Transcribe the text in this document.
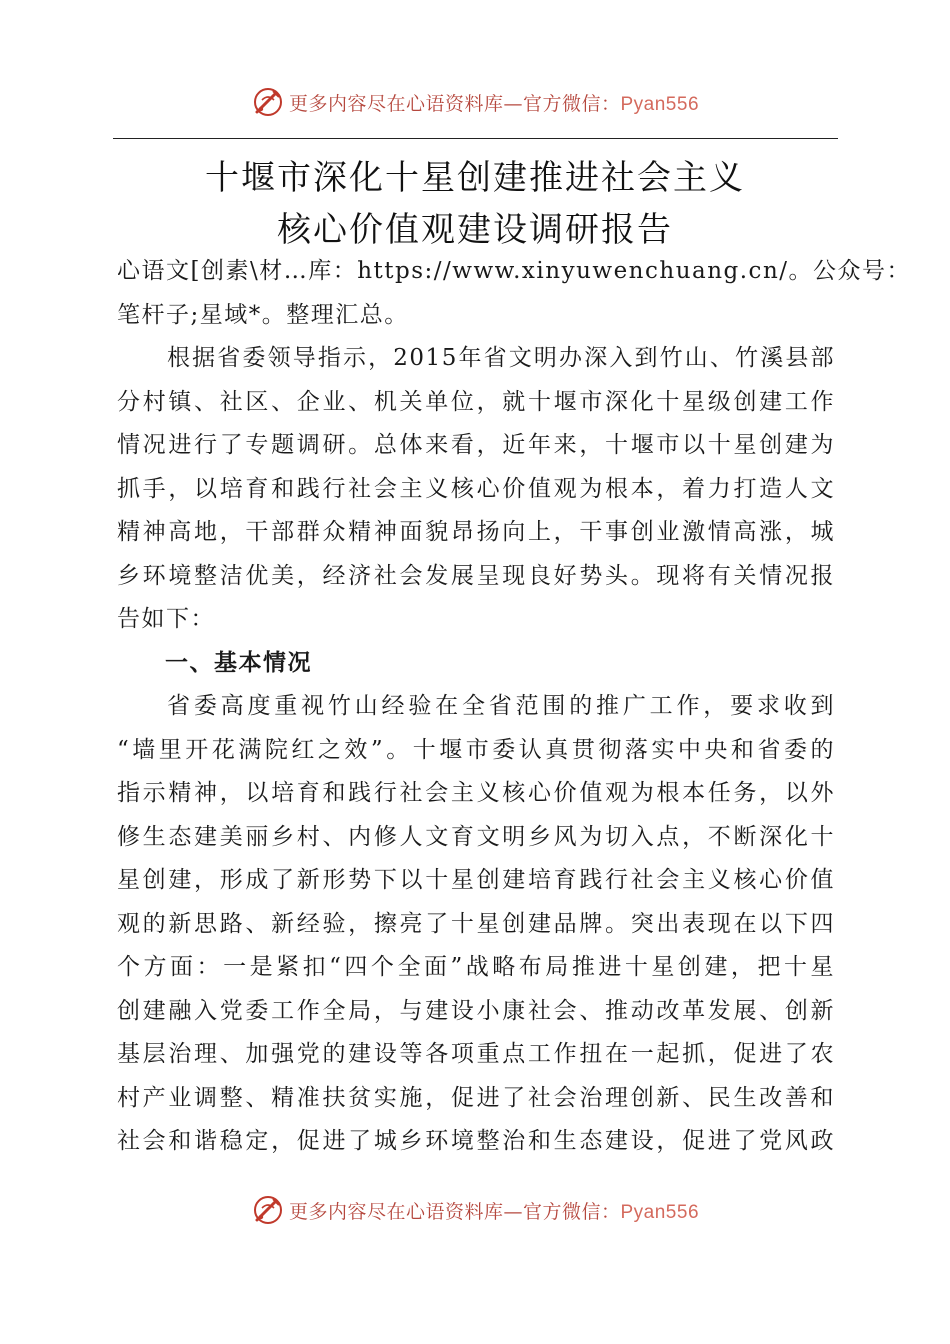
更多内容尽在心语资料库—官方微信：Pyan556
十堰市深化十星创建推进社会主义
核心价值观建设调研报告
心语文[创素\材…库：https://www.xinyuwenchuang.cn/。公众号：
笔杆子;星域*。整理汇总。
根据省委领导指示，2015年省文明办深入到竹山、竹溪县部
分村镇、社区、企业、机关单位，就十堰市深化十星级创建工作
情况进行了专题调研。总体来看，近年来，十堰市以十星创建为
抓手，以培育和践行社会主义核心价值观为根本，着力打造人文
精神高地，干部群众精神面貌昂扬向上，干事创业激情高涨，城
乡环境整洁优美，经济社会发展呈现良好势头。现将有关情况报
告如下：
一、基本情况
省委高度重视竹山经验在全省范围的推广工作，要求收到
“墙里开花满院红之效”。十堰市委认真贯彻落实中央和省委的
指示精神，以培育和践行社会主义核心价值观为根本任务，以外
修生态建美丽乡村、内修人文育文明乡风为切入点，不断深化十
星创建，形成了新形势下以十星创建培育践行社会主义核心价值
观的新思路、新经验，擦亮了十星创建品牌。突出表现在以下四
个方面：一是紧扣“四个全面”战略布局推进十星创建，把十星
创建融入党委工作全局，与建设小康社会、推动改革发展、创新
基层治理、加强党的建设等各项重点工作扭在一起抓，促进了农
村产业调整、精准扶贫实施，促进了社会治理创新、民生改善和
社会和谐稳定，促进了城乡环境整治和生态建设，促进了党风政
更多内容尽在心语资料库—官方微信：Pyan556
